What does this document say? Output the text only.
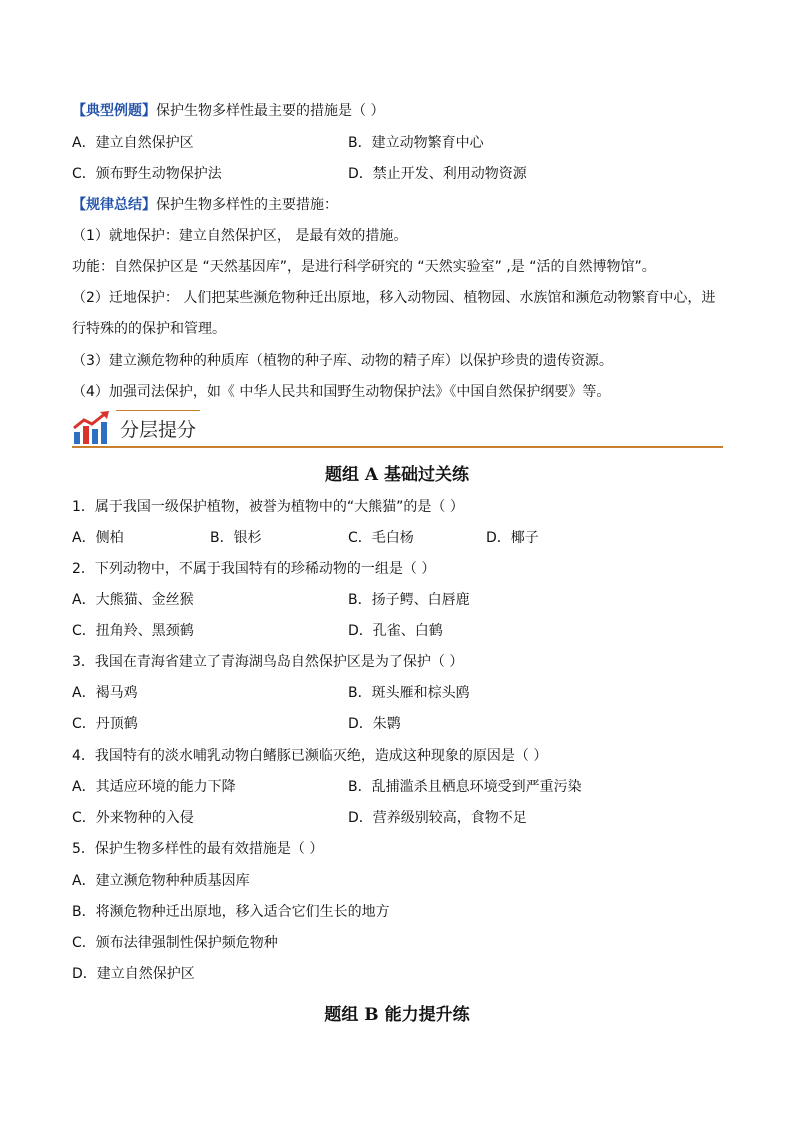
【典型例题】保护生物多样性最主要的措施是（ ）
A．建立自然保护区	B．建立动物繁育中心
C．颁布野生动物保护法	D．禁止开发、利用动物资源
【规律总结】保护生物多样性的主要措施：
（1）就地保护：建立自然保护区， 是最有效的措施。
功能：自然保护区是 “天然基因库”，是进行科学研究的 “天然实验室” ,是 “活的自然博物馆”。
（2）迁地保护： 人们把某些濒危物种迁出原地，移入动物园、植物园、水族馆和濒危动物繁育中心，进
行特殊的的保护和管理。
（3）建立濒危物种的种质库（植物的种子库、动物的精子库）以保护珍贵的遗传资源。
（4）加强司法保护，如《 中华人民共和国野生动物保护法》《中国自然保护纲要》等。
分层提分
题组 A 基础过关练
1．属于我国一级保护植物，被誉为植物中的“大熊猫”的是（ ）
A．侧柏	B．银杉	C．毛白杨	D．椰子
2．下列动物中，不属于我国特有的珍稀动物的一组是（ ）
A．大熊猫、金丝猴	B．扬子鳄、白唇鹿
C．扭角羚、黑颈鹤	D．孔雀、白鹤
3．我国在青海省建立了青海湖鸟岛自然保护区是为了保护（ ）
A．褐马鸡	B．斑头雁和棕头鸥
C．丹顶鹤	D．朱鹮
4．我国特有的淡水哺乳动物白鳍豚已濒临灭绝，造成这种现象的原因是（ ）
A．其适应环境的能力下降	B．乱捕滥杀且栖息环境受到严重污染
C．外来物种的入侵	D．营养级别较高，食物不足
5．保护生物多样性的最有效措施是（ ）
A．建立濒危物种种质基因库
B．将濒危物种迁出原地，移入适合它们生长的地方
C．颁布法律强制性保护频危物种
D．建立自然保护区
题组 B 能力提升练
